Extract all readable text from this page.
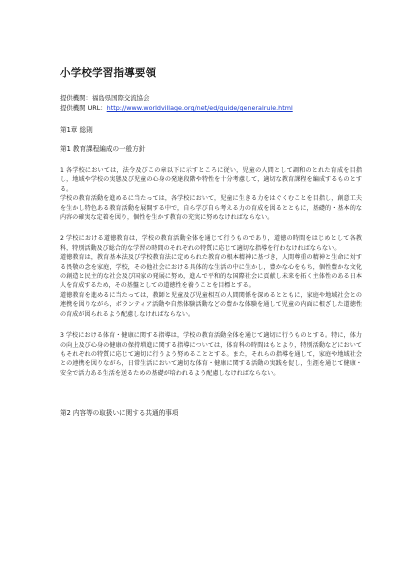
小学校学習指導要領

提供機関：福島県国際交流協会

提供機関 URL：http://www.worldvillage.org/net/ed/guide/generalrule.html

第1章 総則

第1 教育課程編成の一般方針

1 各学校においては，法令及びこの章以下に示すところに従い，児童の人間として調和のとれた育成を目指し，地域や学校の実態及び児童の心身の発達段階や特性を十分考慮して，適切な教育課程を編成するものとする。

学校の教育活動を進めるに当たっては，各学校において，児童に生きる力をはぐくむことを目指し，創意工夫を生かし特色ある教育活動を展開する中で，自ら学び自ら考える力の育成を図るとともに，基礎的・基本的な内容の確実な定着を図り，個性を生かす教育の充実に努めなければならない。

2 学校における道徳教育は，学校の教育活動全体を通じて行うものであり，道徳の時間をはじめとして各教科，特別活動及び総合的な学習の時間のそれぞれの特質に応じて適切な指導を行わなければならない。

道徳教育は，教育基本法及び学校教育法に定められた教育の根本精神に基づき，人間尊重の精神と生命に対する畏敬の念を家庭，学校，その他社会における具体的な生活の中に生かし，豊かな心をもち，個性豊かな文化の創造と民主的な社会及び国家の発展に努め，進んで平和的な国際社会に貢献し未来を拓く主体性のある日本人を育成するため，その基盤としての道徳性を養うことを目標とする。

道徳教育を進めるに当たっては，教師と児童及び児童相互の人間関係を深めるとともに，家庭や地域社会との連携を図りながら，ボランティア活動や自然体験活動などの豊かな体験を通して児童の内面に根ざした道徳性の育成が図られるよう配慮しなければならない。

3 学校における体育・健康に関する指導は，学校の教育活動全体を通じて適切に行うものとする。特に，体力の向上及び心身の健康の保持増進に関する指導については，体育科の時間はもとより，特別活動などにおいてもそれぞれの特質に応じて適切に行うよう努めることとする。また，それらの指導を通して，家庭や地域社会との連携を図りながら，日常生活において適切な体育・健康に関する活動の実践を促し，生涯を通じて健康・安全で活力ある生活を送るための基礎が培われるよう配慮しなければならない。

第2 内容等の取扱いに関する共通的事項
